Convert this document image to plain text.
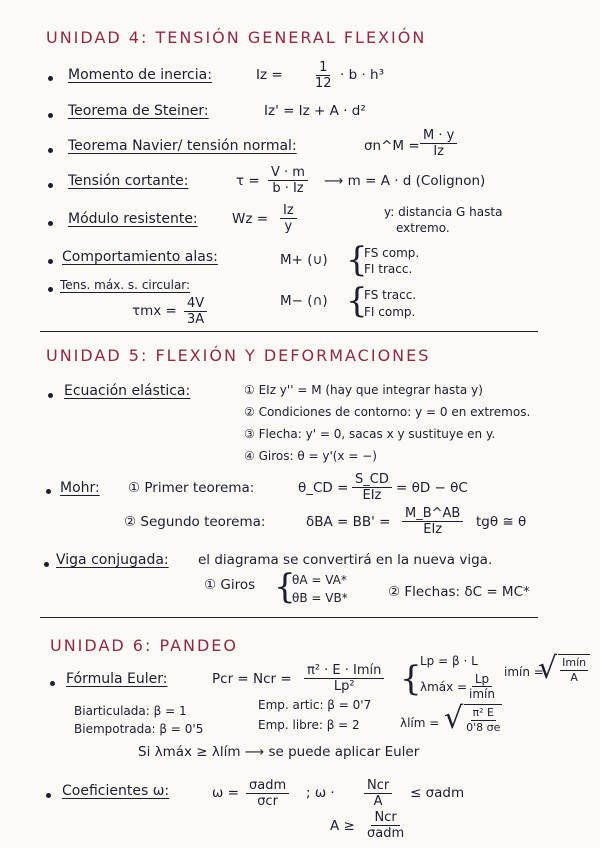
UNIDAD 4: TENSIÓN GENERAL FLEXIÓN
Momento de inercia:	$Iz = \frac{1}{12} \cdot b \cdot h^3$
Teorema de Steiner:	Iz' = Iz + A · d²
Teorema Navier/ tensión normal:	σn^M = $\frac{M \cdot y}{Iz}$
Tensión cortante:	$\tau = \frac{V \cdot m}{b \cdot Iz}$ ⟶ m = A · d (Colignon)
Módulo resistente:	$Wz = \frac{Iz}{y}$	y: distancia G hasta
extremo.
Comportamiento alas:	M+ (∪) {
FS comp.
FI tracc.
Tens. máx. s. circular:
$\tau mx = \frac{4V}{3A}$	M− (∩) {
FS tracc.
FI comp.
UNIDAD 5: FLEXIÓN Y DEFORMACIONES
Ecuación elástica:	① EIz y'' = M (hay que integrar hasta y)
② Condiciones de contorno: y = 0 en extremos.
③ Flecha: y' = 0, sacas x y sustituye en y.
④ Giros: θ = y'(x = −)
Mohr: ① Primer teorema:	θ_CD =
S_CD
EIz = θD − θC
② Segundo teorema:	δBA = BB' =
M_B^AB
EIz	tgθ ≅ θ
Viga conjugada: el diagrama se convertirá en la nueva viga.
① Giros {
θA = VA*
θB = VB*	② Flechas: δC = MC*
UNIDAD 6: PANDEO
Fórmula Euler:	Pcr = Ncr =
π² · E · Imín
Lp² {
Lp = β · L
λmáx =
Lp
imín
imín =
√ Imín
A
Biarticulada: β = 1
Biempotrada: β = 0'5
Emp. artic: β = 0'7
Emp. libre: β = 2	λlím = √ $\frac{\text{π² E}}{0'8 \sigma e}$
Si λmáx ≥ λlím ⟶ se puede aplicar Euler
Coeficientes ω:	ω = σadm
σcr
; ω · Ncr
A
≤ σadm
A ≥
Ncr
σadm
